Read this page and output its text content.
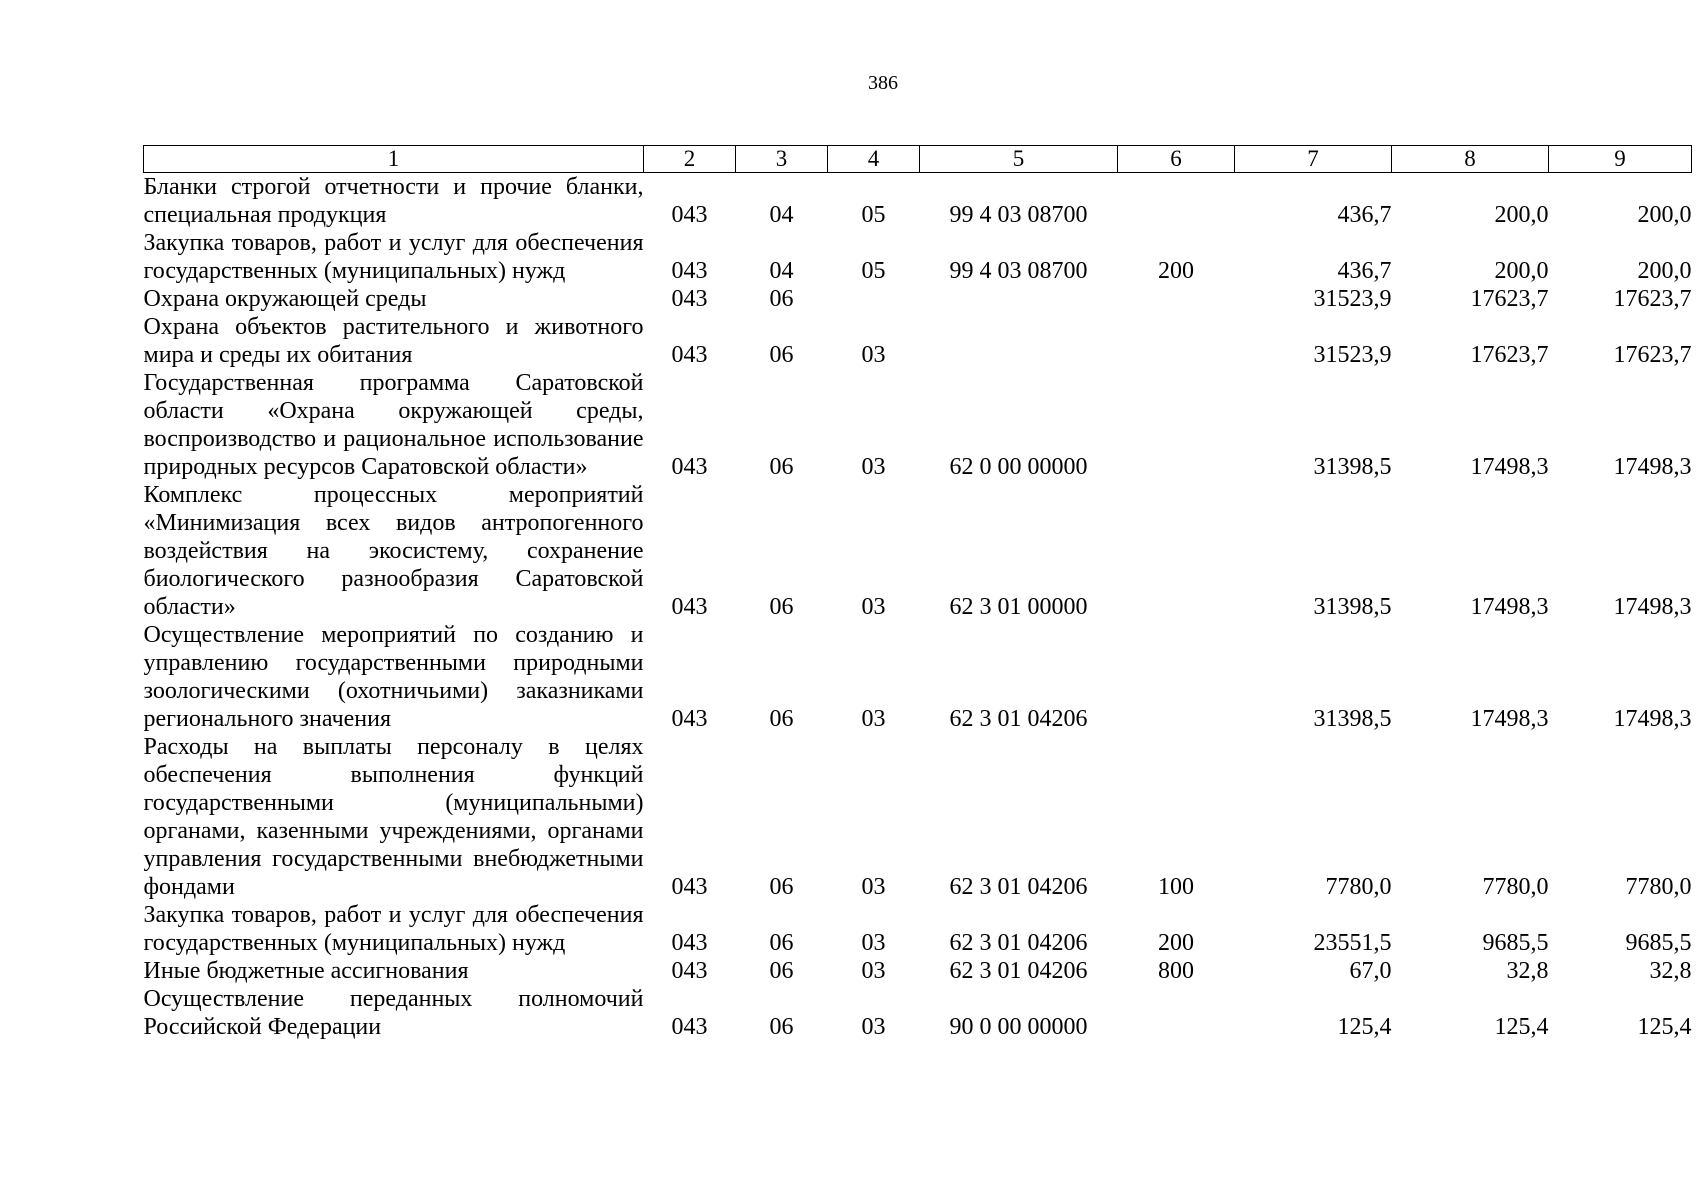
386
1	2	3	4	5	6	7	8	9
Бланки строгой отчетности и прочие бланки, специальная продукция	043	04	05	99 4 03 08700		436,7	200,0	200,0
Закупка товаров, работ и услуг для обеспечения государственных (муниципальных) нужд	043	04	05	99 4 03 08700	200	436,7	200,0	200,0
Охрана окружающей среды	043	06				31523,9	17623,7	17623,7
Охрана объектов растительного и животного мира и среды их обитания	043	06	03			31523,9	17623,7	17623,7
Государственная программа Саратовской области «Охрана окружающей среды, воспроизводство и рациональное использование природных ресурсов Саратовской области»	043	06	03	62 0 00 00000		31398,5	17498,3	17498,3
Комплекс процессных мероприятий «Минимизация всех видов антропогенного воздействия на экосистему, сохранение биологического разнообразия Саратовской области»	043	06	03	62 3 01 00000		31398,5	17498,3	17498,3
Осуществление мероприятий по созданию и управлению государственными природными зоологическими (охотничьими) заказниками регионального значения	043	06	03	62 3 01 04206		31398,5	17498,3	17498,3
Расходы на выплаты персоналу в целях обеспечения выполнения функций государственными (муниципальными) органами, казенными учреждениями, органами управления государственными внебюджетными фондами	043	06	03	62 3 01 04206	100	7780,0	7780,0	7780,0
Закупка товаров, работ и услуг для обеспечения государственных (муниципальных) нужд	043	06	03	62 3 01 04206	200	23551,5	9685,5	9685,5
Иные бюджетные ассигнования	043	06	03	62 3 01 04206	800	67,0	32,8	32,8
Осуществление переданных полномочий Российской Федерации	043	06	03	90 0 00 00000		125,4	125,4	125,4
